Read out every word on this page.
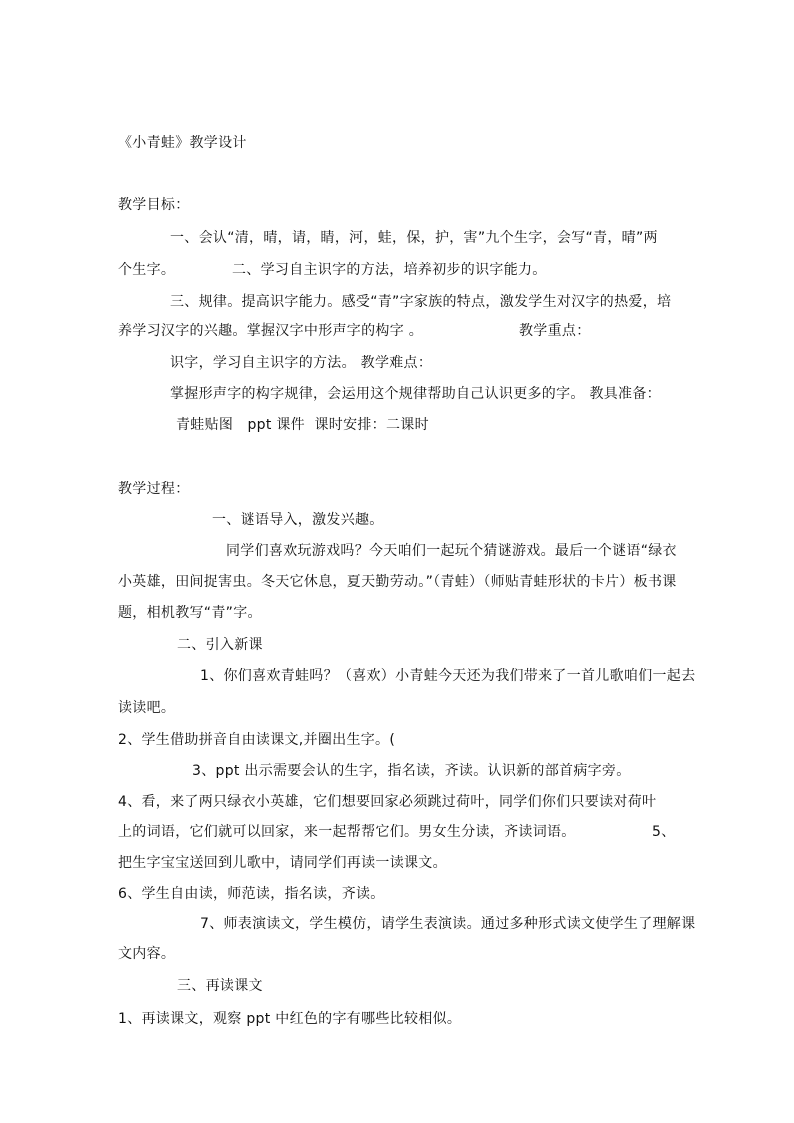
《小青蛙》教学设计
教学目标：
一、会认“清，晴，请，睛，河，蛙，保，护，害”九个生字，会写“青，晴”两
个生字。	二、学习自主识字的方法，培养初步的识字能力。
三、规律。提高识字能力。感受“青”字家族的特点，激发学生对汉字的热爱，培
养学习汉字的兴趣。掌握汉字中形声字的构字 。	教学重点：
识字，学习自主识字的方法。 教学难点：
掌握形声字的构字规律，会运用这个规律帮助自己认识更多的字。 教具准备：
青蛙贴图   ppt 课件  课时安排：二课时
教学过程：
一、谜语导入，激发兴趣。
同学们喜欢玩游戏吗？今天咱们一起玩个猜谜游戏。最后一个谜语“绿衣
小英雄，田间捉害虫。冬天它休息，夏天勤劳动。”（青蛙）（师贴青蛙形状的卡片）板书课
题，相机教写“青”字。
二、引入新课
1、你们喜欢青蛙吗？（喜欢）小青蛙今天还为我们带来了一首儿歌咱们一起去
读读吧。
2、学生借助拼音自由读课文,并圈出生字。(
3、ppt 出示需要会认的生字，指名读，齐读。认识新的部首病字旁。
4、看，来了两只绿衣小英雄，它们想要回家必须跳过荷叶，同学们你们只要读对荷叶
上的词语，它们就可以回家，来一起帮帮它们。男女生分读，齐读词语。	5、
把生字宝宝送回到儿歌中，请同学们再读一读课文。
6、学生自由读，师范读，指名读，齐读。
7、师表演读文，学生模仿，请学生表演读。通过多种形式读文使学生了理解课
文内容。
三、再读课文
1、再读课文，观察 ppt 中红色的字有哪些比较相似。
